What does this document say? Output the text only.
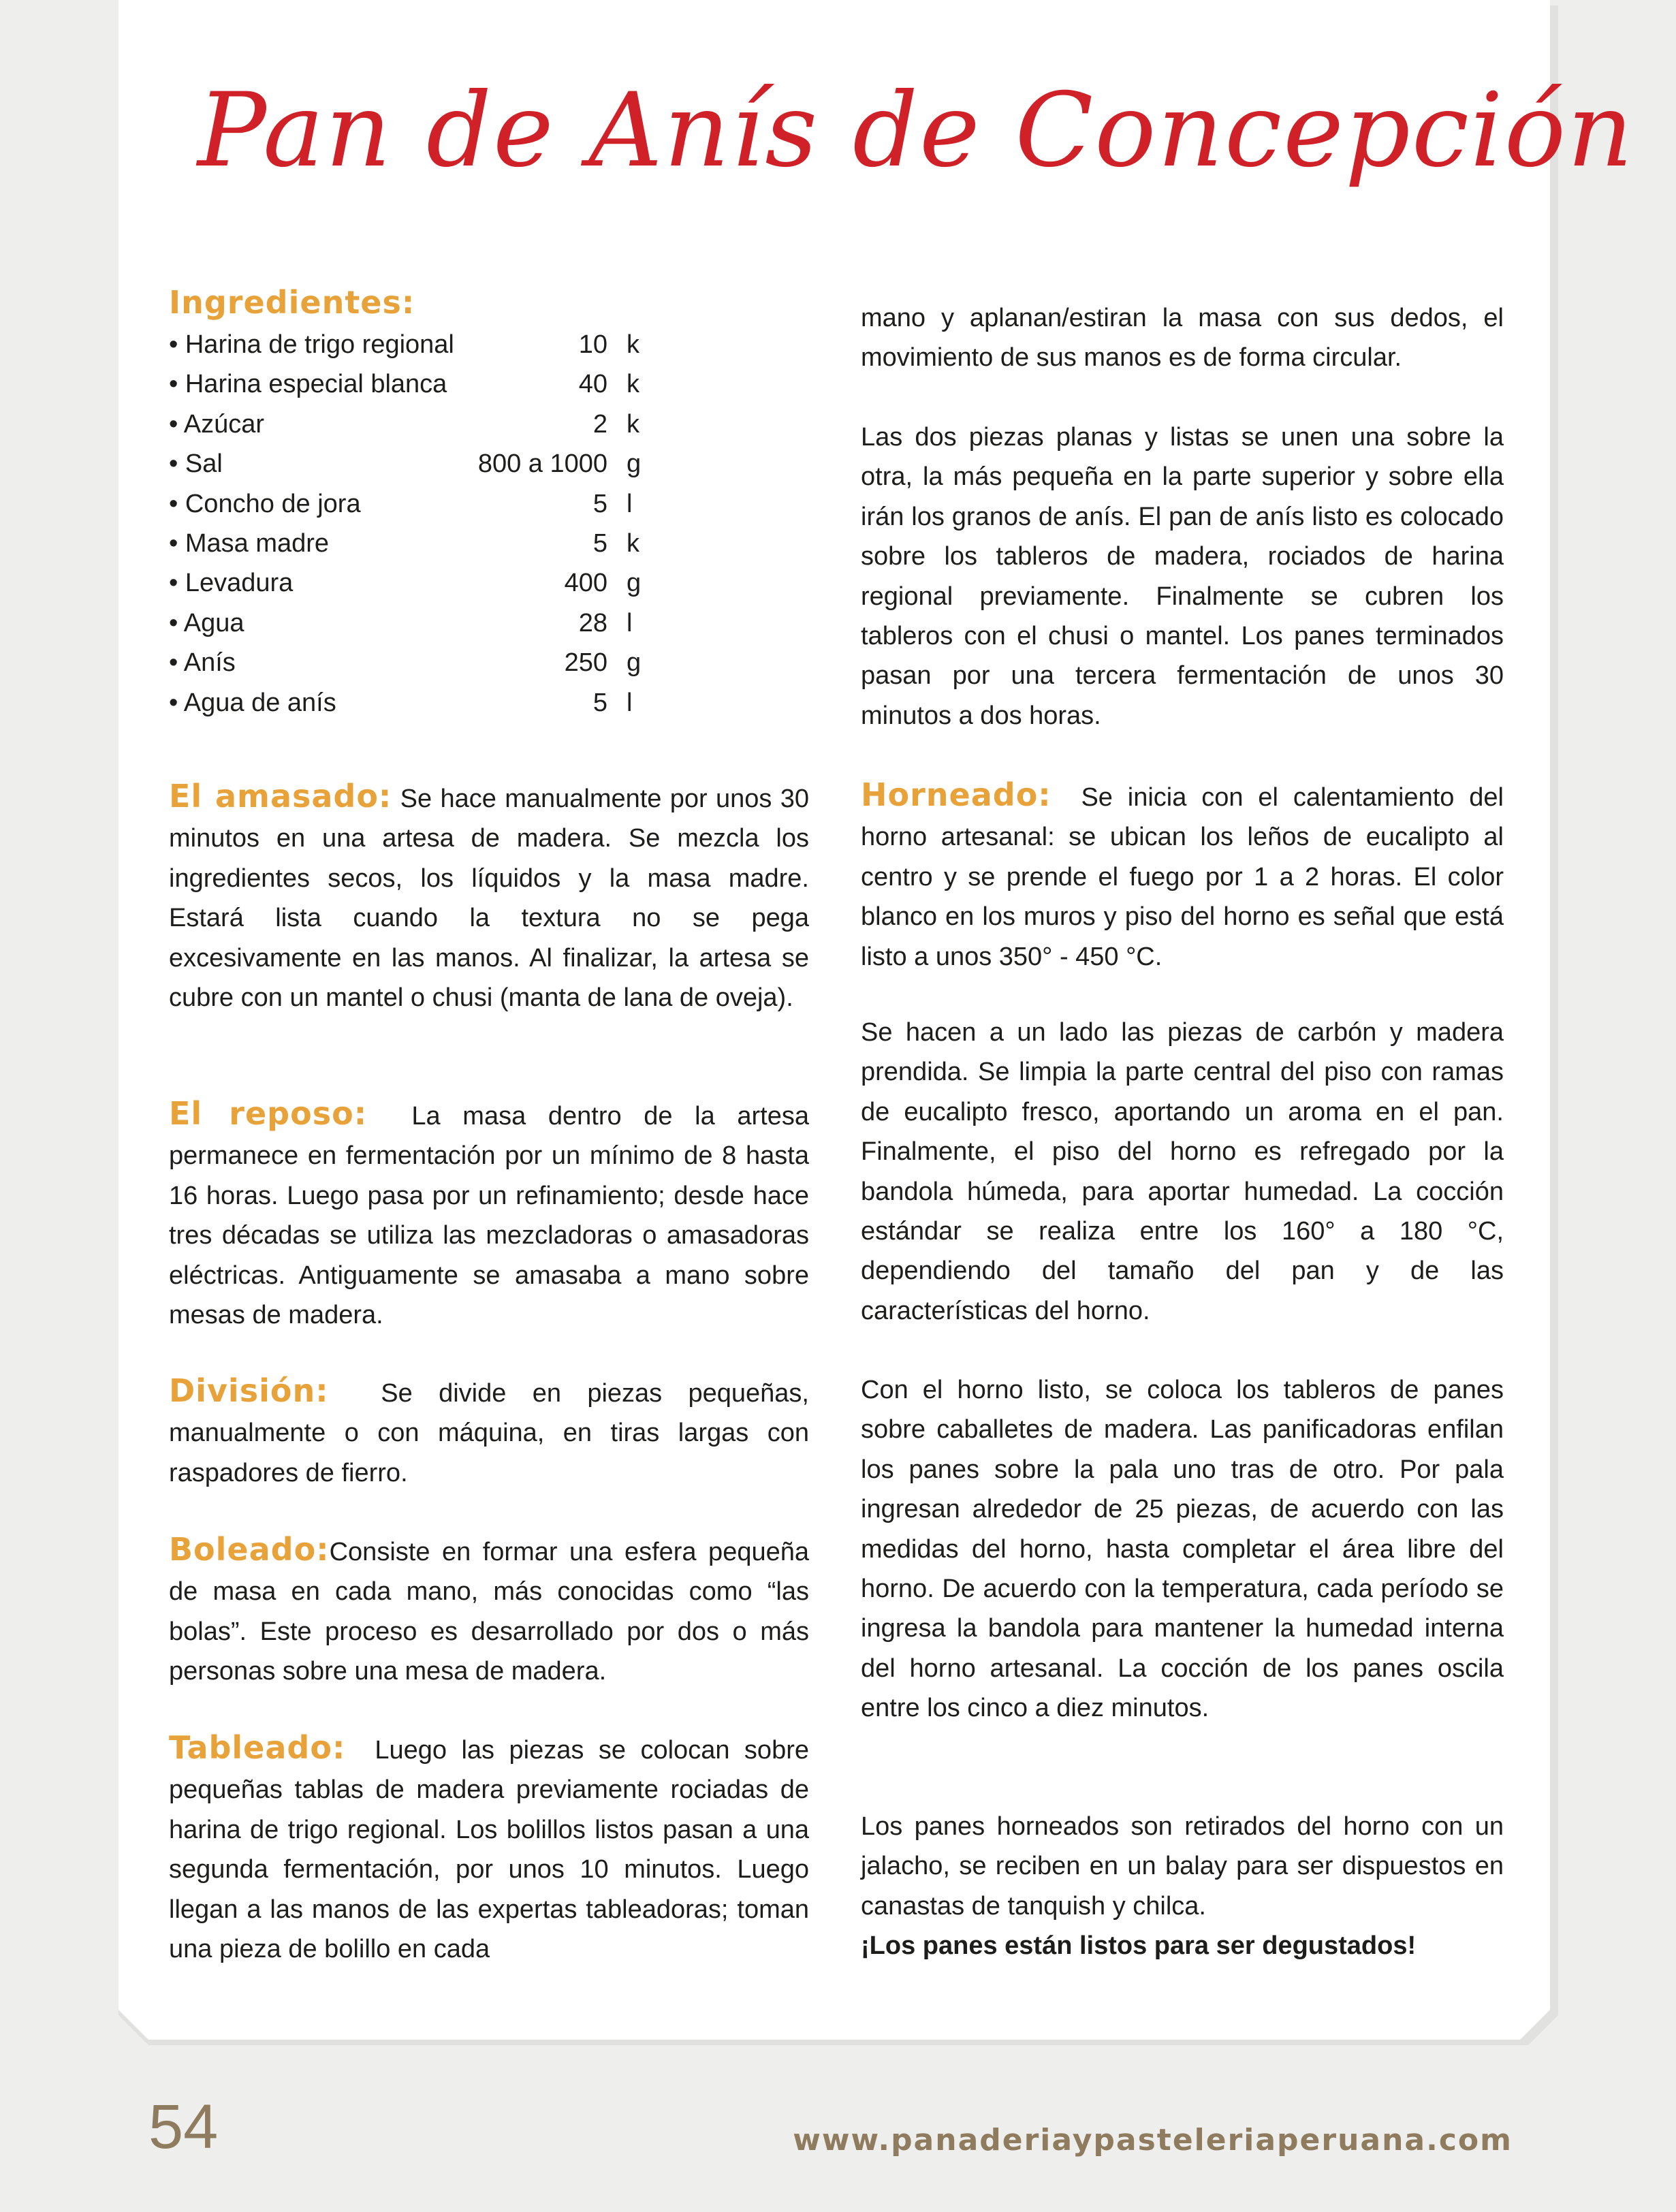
Pan de Anís de Concepción
Ingredientes:
• Harina de trigo regional	10 k
• Harina especial blanca	40 k
• Azúcar	2 k
• Sal	800 a 1000 g
• Concho de jora	5 l
• Masa madre	5 k
• Levadura	400 g
• Agua	28 l
• Anís	250 g
• Agua de anís	5 l

El amasado: Se hace manualmente por unos 30 minutos en una artesa de madera. Se mezcla los ingredientes secos, los líquidos y la masa madre. Estará lista cuando la textura no se pega excesivamente en las manos. Al finalizar, la artesa se cubre con un mantel o chusi (manta de lana de oveja).

El reposo: La masa dentro de la artesa permanece en fermentación por un mínimo de 8 hasta 16 horas. Luego pasa por un refinamiento; desde hace tres décadas se utiliza las mezcladoras o amasadoras eléctricas. Antiguamente se amasaba a mano sobre mesas de madera.

División: Se divide en piezas pequeñas, manualmente o con máquina, en tiras largas con raspadores de fierro.

Boleado:Consiste en formar una esfera pequeña de masa en cada mano, más conocidas como “las bolas”. Este proceso es desarrollado por dos o más personas sobre una mesa de madera.

Tableado: Luego las piezas se colocan sobre pequeñas tablas de madera previamente rociadas de harina de trigo regional. Los bolillos listos pasan a una segunda fermentación, por unos 10 minutos. Luego llegan a las manos de las expertas tableadoras; toman una pieza de bolillo en cada

mano y aplanan/estiran la masa con sus dedos, el movimiento de sus manos es de forma circular.

Las dos piezas planas y listas se unen una sobre la otra, la más pequeña en la parte superior y sobre ella irán los granos de anís. El pan de anís listo es colocado sobre los tableros de madera, rociados de harina regional previamente. Finalmente se cubren los tableros con el chusi o mantel. Los panes terminados pasan por una tercera fermentación de unos 30 minutos a dos horas.

Horneado: Se inicia con el calentamiento del horno artesanal: se ubican los leños de eucalipto al centro y se prende el fuego por 1 a 2 horas. El color blanco en los muros y piso del horno es señal que está listo a unos 350° - 450 °C.

Se hacen a un lado las piezas de carbón y madera prendida. Se limpia la parte central del piso con ramas de eucalipto fresco, aportando un aroma en el pan. Finalmente, el piso del horno es refregado por la bandola húmeda, para aportar humedad. La cocción estándar se realiza entre los 160° a 180 °C, dependiendo del tamaño del pan y de las características del horno.

Con el horno listo, se coloca los tableros de panes sobre caballetes de madera. Las panificadoras enfilan los panes sobre la pala uno tras de otro. Por pala ingresan alrededor de 25 piezas, de acuerdo con las medidas del horno, hasta completar el área libre del horno. De acuerdo con la temperatura, cada período se ingresa la bandola para mantener la humedad interna del horno artesanal. La cocción de los panes oscila entre los cinco a diez minutos.

Los panes horneados son retirados del horno con un jalacho, se reciben en un balay para ser dispuestos en canastas de tanquish y chilca.

¡Los panes están listos para ser degustados!

54	www.panaderiaypasteleriaperuana.com
